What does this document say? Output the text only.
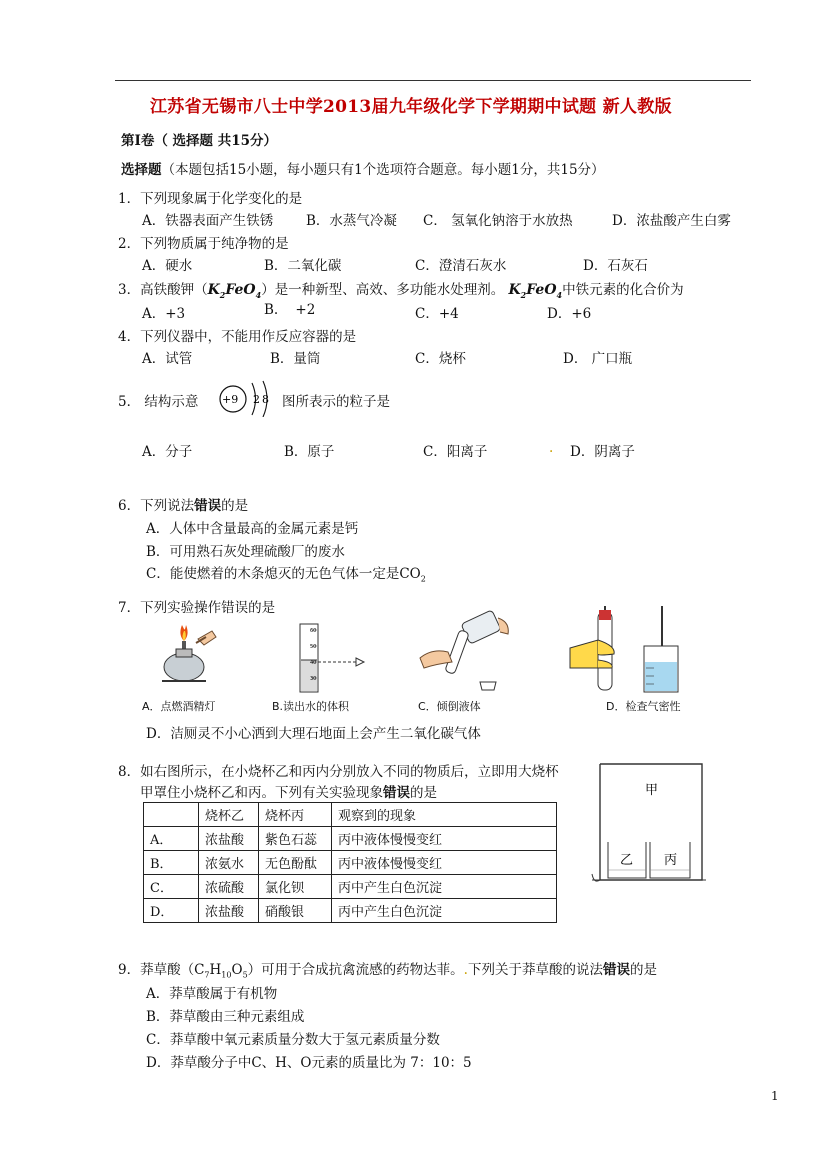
江苏省无锡市八士中学2013届九年级化学下学期期中试题 新人教版
第Ⅰ卷（ 选择题 共15分）
选择题（本题包括15小题，每小题只有1个选项符合题意。每小题1分，共15分）
1．下列现象属于化学变化的是
A．铁器表面产生铁锈 B．水蒸气冷凝 C． 氢氧化钠溶于水放热	D．浓盐酸产生白雾
2．下列物质属于纯净物的是
A．硬水	B．二氧化碳	C．澄清石灰水	D．石灰石
3．高铁酸钾$(K_2FeO_4)$是一种新型、高效、多功能水处理剂。 $K_2FeO_4$中铁元素的化合价为
A．+3	B.    +2	C．+4	D．+6
4．下列仪器中，不能用作反应容器的是
A．试管	B．量筒	C．烧杯	D． 广口瓶
5． 结构示意 +9 2 8 图所表示的粒子是
A．分子	B．原子	C．阳离子	. D．阴离子
6．下列说法错误的是
A．人体中含量最高的金属元素是钙
B．可用熟石灰处理硫酸厂的废水
C．能使燃着的木条熄灭的无色气体一定是$CO_2$
7．下列实验操作错误的是
60
50
40
30
A．点燃酒精灯	B.读出水的体积	C．倾倒液体	D．检查气密性
D．洁厕灵不小心洒到大理石地面上会产生二氧化碳气体
8．如右图所示，在小烧杯乙和丙内分别放入不同的物质后，立即用大烧杯
甲罩住小烧杯乙和丙。下列有关实验现象错误的是
	烧杯乙	烧杯丙	观察到的现象
A．	浓盐酸	紫色石蕊	丙中液体慢慢变红
B．	浓氨水	无色酚酞	丙中液体慢慢变红
C．	浓硫酸	氯化钡	丙中产生白色沉淀
D．	浓盐酸	硝酸银	丙中产生白色沉淀
甲
乙 丙
9．莽草酸$(C_7H_{10}O_5)$可用于合成抗禽流感的药物达菲。.下列关于莽草酸的说法错误的是
A．莽草酸属于有机物
B．莽草酸由三种元素组成
C．莽草酸中氧元素质量分数大于氢元素质量分数
D．莽草酸分子中C、H、O元素的质量比为 7：10：5
1
